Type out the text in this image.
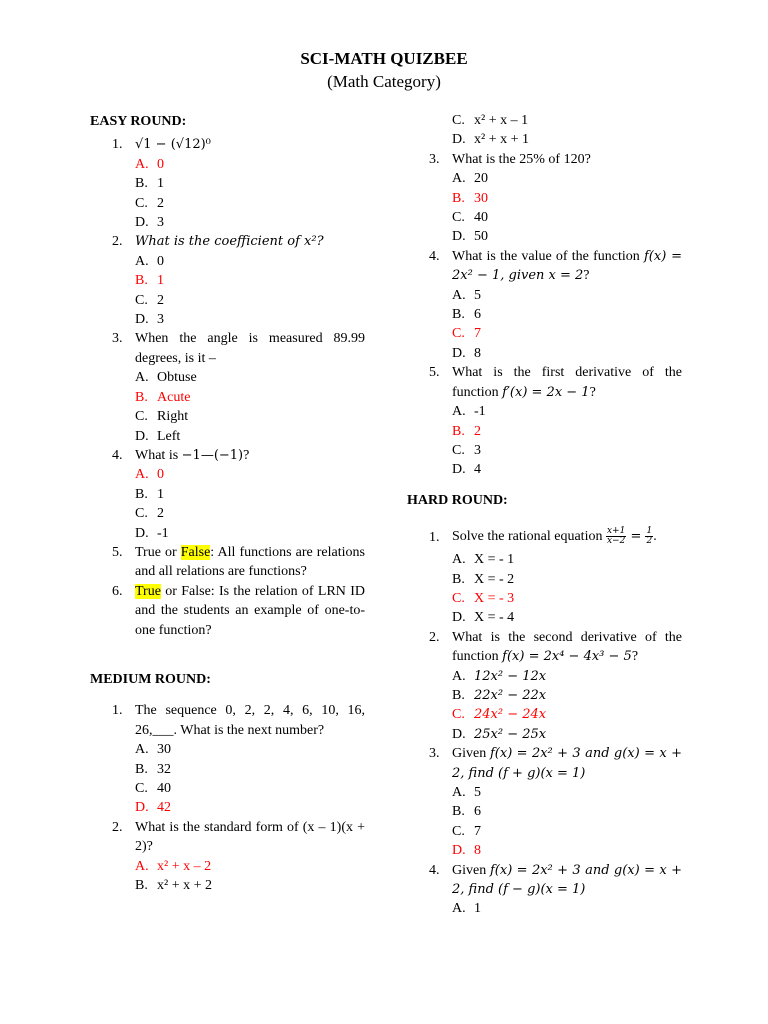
SCI-MATH QUIZBEE
(Math Category)
EASY ROUND:
1. √1 − (√12)⁰
A. 0
B. 1
C. 2
D. 3
2. What is the coefficient of x²?
A. 0
B. 1
C. 2
D. 3
3. When the angle is measured 89.99 degrees, is it –
A. Obtuse
B. Acute
C. Right
D. Left
4. What is −1—(−1)?
A. 0
B. 1
C. 2
D. -1
5. True or False: All functions are relations and all relations are functions?
6. True or False: Is the relation of LRN ID and the students an example of one-to-one function?
MEDIUM ROUND:
1. The sequence 0, 2, 2, 4, 6, 10, 16, 26,___. What is the next number?
A. 30
B. 32
C. 40
D. 42
2. What is the standard form of (x – 1)(x + 2)?
A. x² + x – 2
B. x² + x + 2
C. x² + x – 1
D. x² + x + 1
3. What is the 25% of 120?
A. 20
B. 30
C. 40
D. 50
4. What is the value of the function f(x) = 2x² − 1, given x = 2?
A. 5
B. 6
C. 7
D. 8
5. What is the first derivative of the function f′(x) = 2x − 1?
A. -1
B. 2
C. 3
D. 4
HARD ROUND:
1. Solve the rational equation $\frac{x+1}{x-2} = \frac{1}{2}$ .
A. X = - 1
B. X = - 2
C. X = - 3
D. X = - 4
2. What is the second derivative of the function f(x) = 2x⁴ − 4x³ − 5?
A. 12x² − 12x
B. 22x² − 22x
C. 24x² − 24x
D. 25x² − 25x
3. Given f(x) = 2x² + 3 and g(x) = x + 2, find (f + g)(x = 1)
A. 5
B. 6
C. 7
D. 8
4. Given f(x) = 2x² + 3 and g(x) = x + 2, find (f − g)(x = 1)
A. 1
